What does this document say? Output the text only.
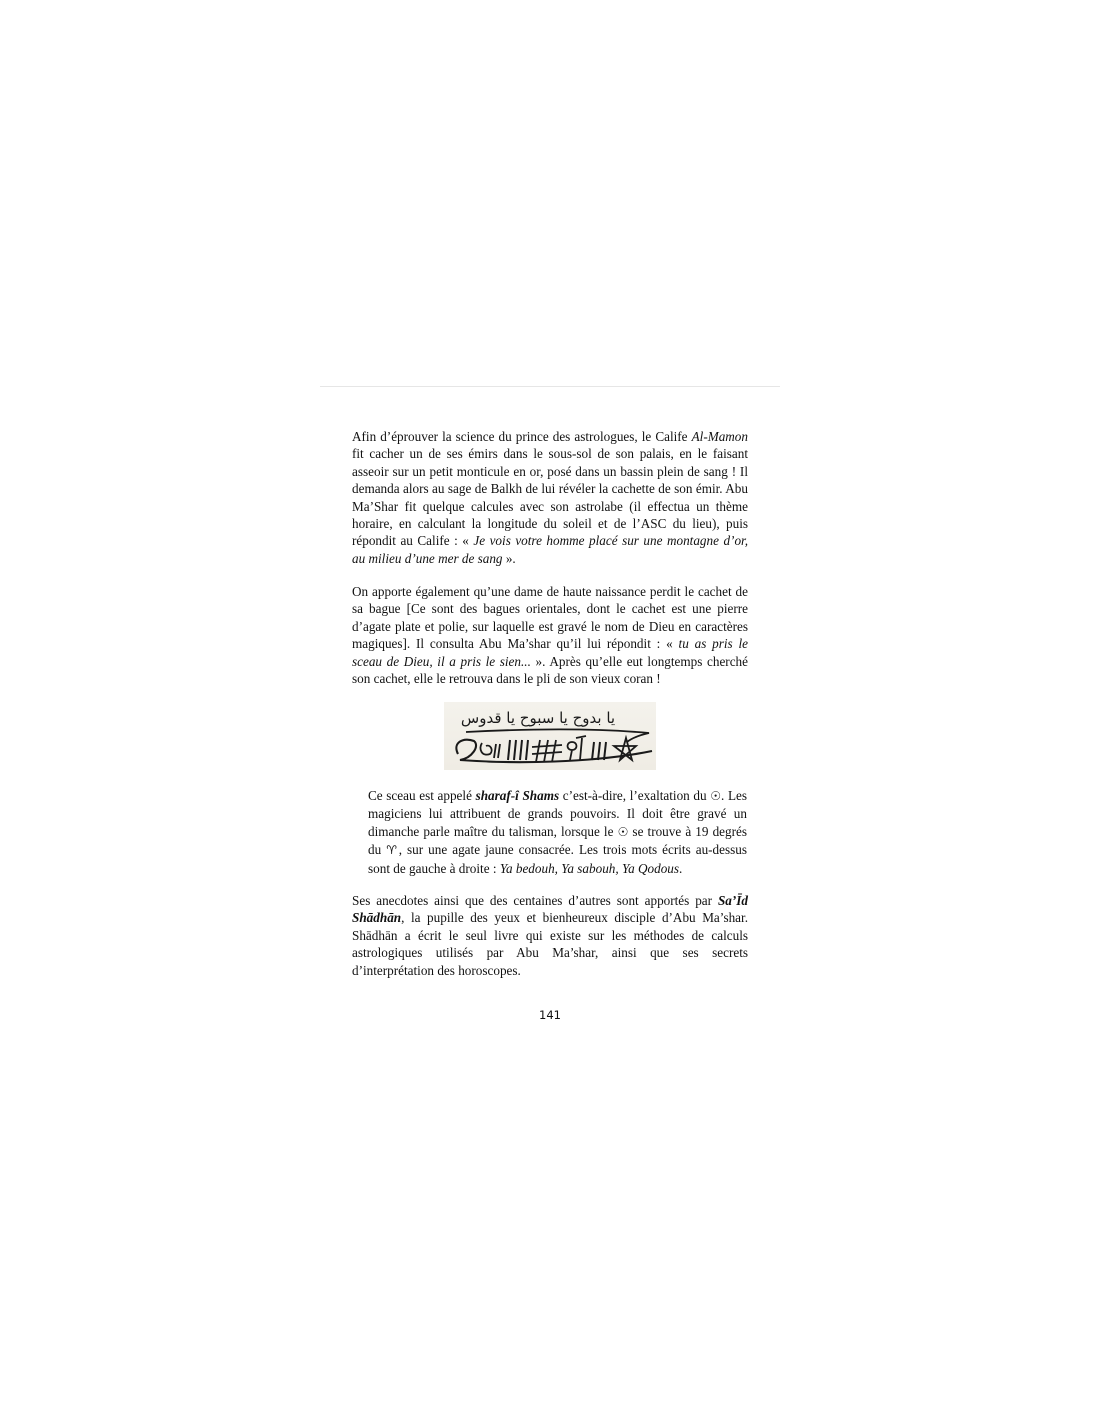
Afin d’éprouver la science du prince des astrologues, le Calife Al-Mamon fit cacher un de ses émirs dans le sous-sol de son palais, en le faisant asseoir sur un petit monticule en or, posé dans un bassin plein de sang ! Il demanda alors au sage de Balkh de lui révéler la cachette de son émir. Abu Ma’Shar fit quelque calcules avec son astrolabe (il effectua un thème horaire, en calculant la longitude du soleil et de l’ASC du lieu), puis répondit au Calife : « Je vois votre homme placé sur une montagne d’or, au milieu d’une mer de sang ».

On apporte également qu’une dame de haute naissance perdit le cachet de sa bague [Ce sont des bagues orientales, dont le cachet est une pierre d’agate plate et polie, sur laquelle est gravé le nom de Dieu en caractères magiques]. Il consulta Abu Ma’shar qu’il lui répondit : « tu as pris le sceau de Dieu, il a pris le sien... ». Après qu’elle eut longtemps cherché son cachet, elle le retrouva dans le pli de son vieux coran !

يا بدوح يا سبوح يا قدوس

Ce sceau est appelé sharaf-î Shams c’est-à-dire, l’exaltation du ☉. Les magiciens lui attribuent de grands pouvoirs. Il doit être gravé un dimanche parle maître du talisman, lorsque le ☉ se trouve à 19 degrés du ♈, sur une agate jaune consacrée. Les trois mots écrits au-dessus sont de gauche à droite : Ya bedouh, Ya sabouh, Ya Qodous.

Ses anecdotes ainsi que des centaines d’autres sont apportés par Sa’Īd Shādhān, la pupille des yeux et bienheureux disciple d’Abu Ma’shar. Shādhān a écrit le seul livre qui existe sur les méthodes de calculs astrologiques utilisés par Abu Ma’shar, ainsi que ses secrets d’interprétation des horoscopes.

141
